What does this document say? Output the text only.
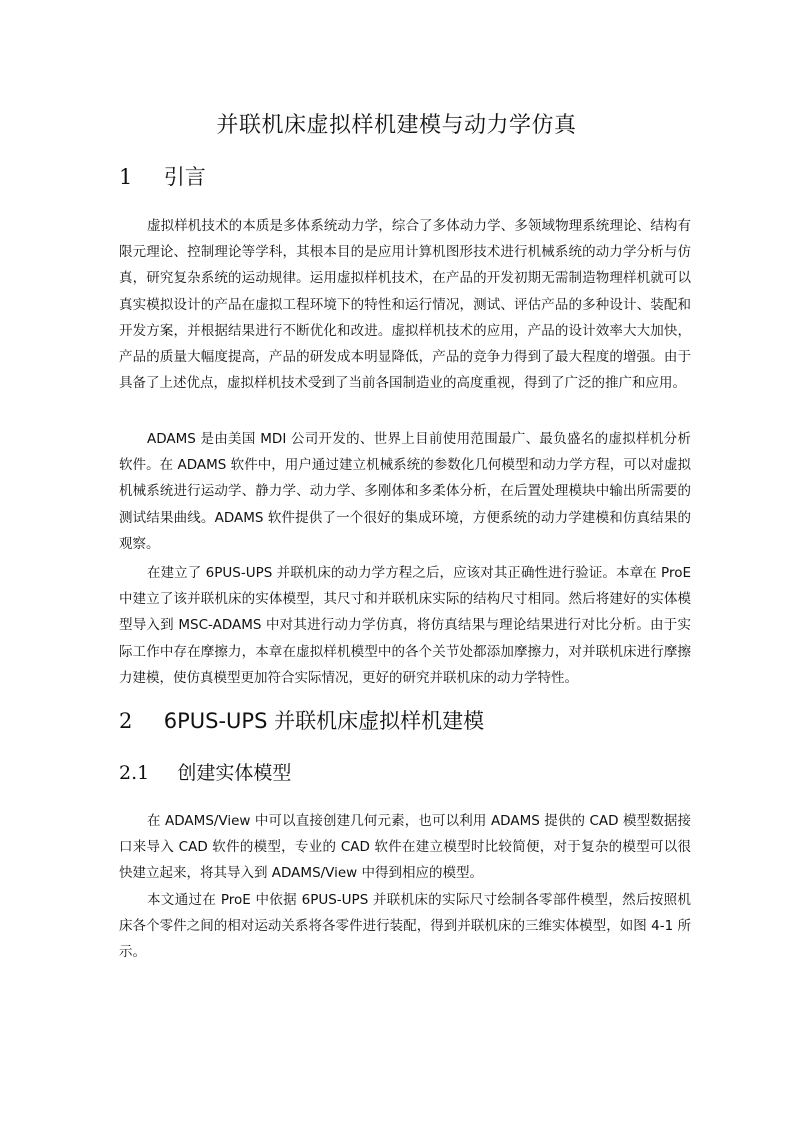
并联机床虚拟样机建模与动力学仿真
1 引言

虚拟样机技术的本质是多体系统动力学，综合了多体动力学、多领域物理系统理论、结构有限元理论、控制理论等学科，其根本目的是应用计算机图形技术进行机械系统的动力学分析与仿真，研究复杂系统的运动规律。运用虚拟样机技术，在产品的开发初期无需制造物理样机就可以真实模拟设计的产品在虚拟工程环境下的特性和运行情况，测试、评估产品的多种设计、装配和开发方案，并根据结果进行不断优化和改进。虚拟样机技术的应用，产品的设计效率大大加快，产品的质量大幅度提高，产品的研发成本明显降低，产品的竞争力得到了最大程度的增强。由于具备了上述优点，虚拟样机技术受到了当前各国制造业的高度重视，得到了广泛的推广和应用。

ADAMS 是由美国 MDI 公司开发的、世界上目前使用范围最广、最负盛名的虚拟样机分析软件。在 ADAMS 软件中，用户通过建立机械系统的参数化几何模型和动力学方程，可以对虚拟机械系统进行运动学、静力学、动力学、多刚体和多柔体分析，在后置处理模块中输出所需要的测试结果曲线。ADAMS 软件提供了一个很好的集成环境，方便系统的动力学建模和仿真结果的观察。

在建立了 6PUS-UPS 并联机床的动力学方程之后，应该对其正确性进行验证。本章在 ProE 中建立了该并联机床的实体模型，其尺寸和并联机床实际的结构尺寸相同。然后将建好的实体模型导入到 MSC-ADAMS 中对其进行动力学仿真，将仿真结果与理论结果进行对比分析。由于实际工作中存在摩擦力，本章在虚拟样机模型中的各个关节处都添加摩擦力，对并联机床进行摩擦力建模，使仿真模型更加符合实际情况，更好的研究并联机床的动力学特性。

2 6PUS-UPS 并联机床虚拟样机建模
2.1 创建实体模型

在 ADAMS/View 中可以直接创建几何元素，也可以利用 ADAMS 提供的 CAD 模型数据接口来导入 CAD 软件的模型，专业的 CAD 软件在建立模型时比较简便，对于复杂的模型可以很快建立起来，将其导入到 ADAMS/View 中得到相应的模型。

本文通过在 ProE 中依据 6PUS-UPS 并联机床的实际尺寸绘制各零部件模型，然后按照机床各个零件之间的相对运动关系将各零件进行装配，得到并联机床的三维实体模型，如图 4-1 所示。
